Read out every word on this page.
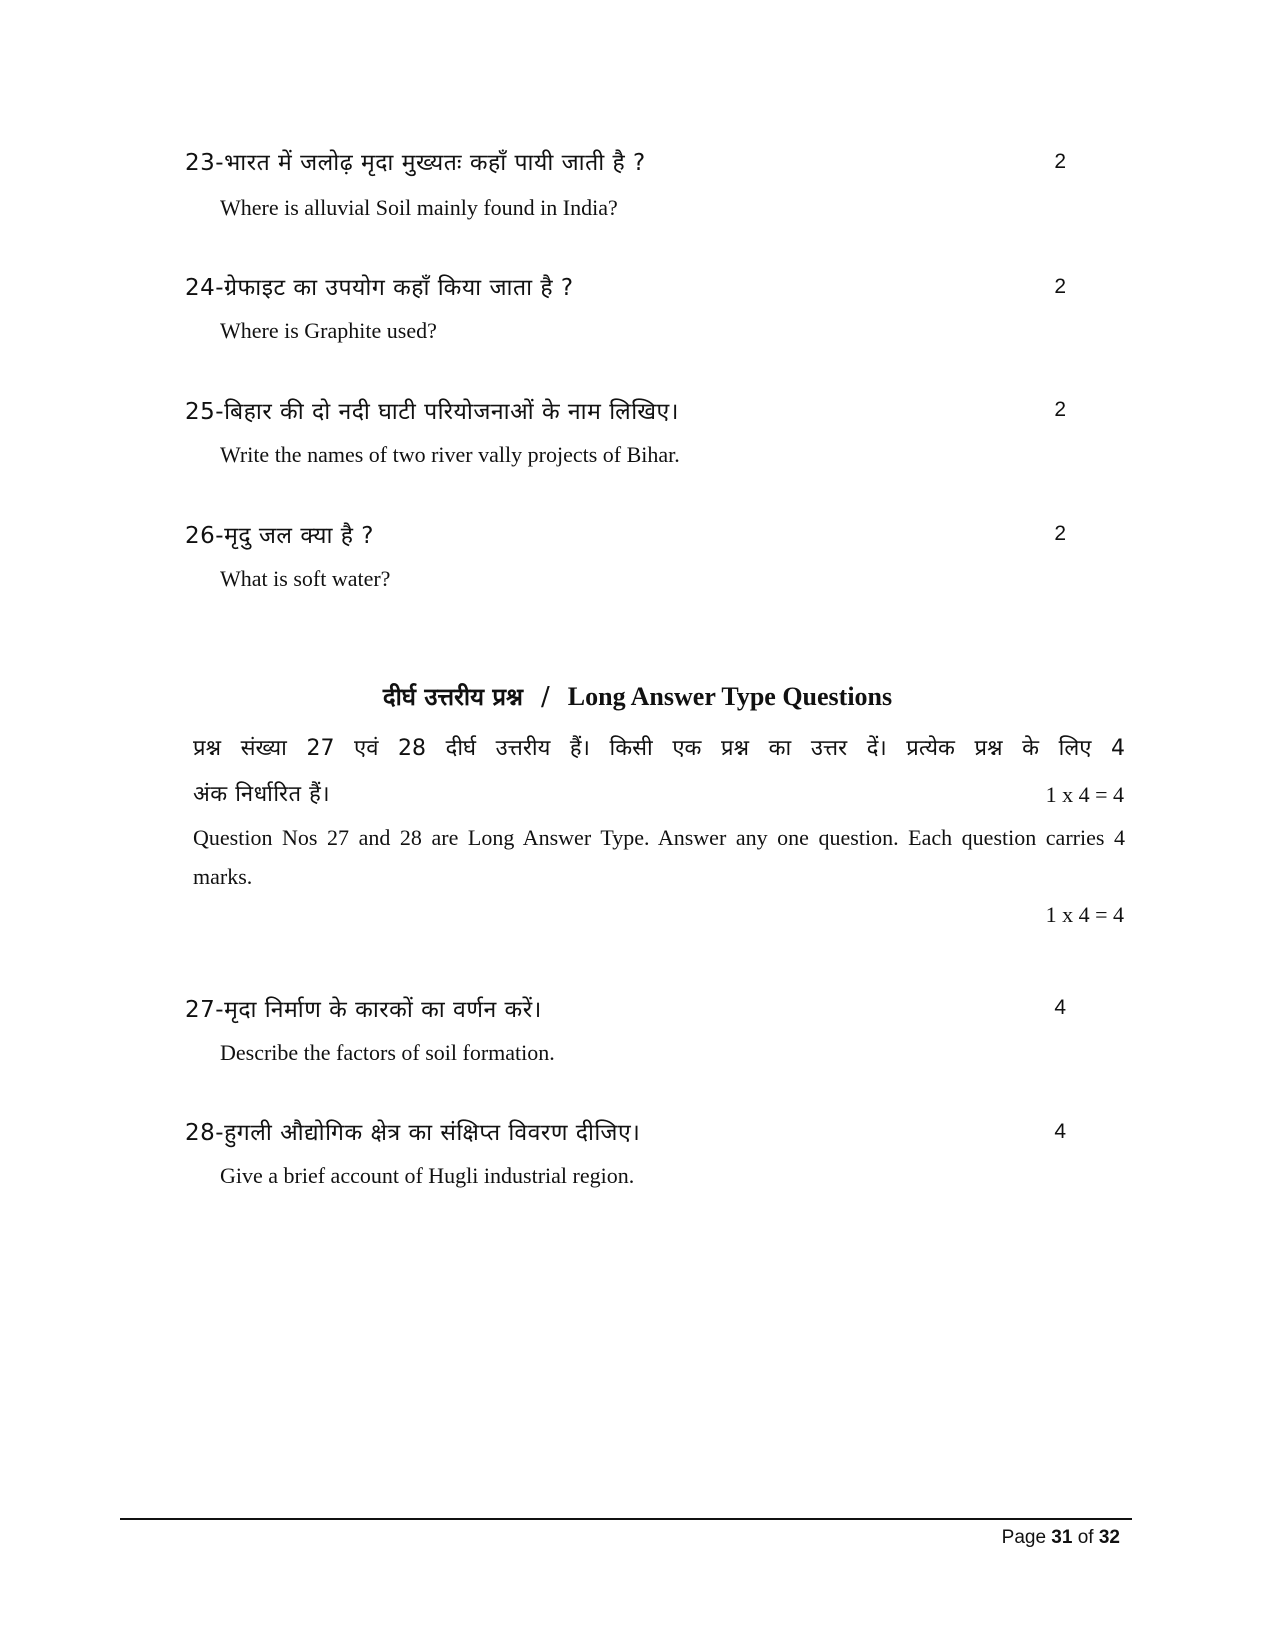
23-भारत में जलोढ़ मृदा मुख्यतः कहाँ पायी जाती है ?	2
Where is alluvial Soil mainly found in India?
24-ग्रेफाइट का उपयोग कहाँ किया जाता है ?	2
Where is Graphite used?
25-बिहार की दो नदी घाटी परियोजनाओं के नाम लिखिए।	2
Write the names of two river vally projects of Bihar.
26-मृदु जल क्या है ?	2
What is soft water?
दीर्घ उत्तरीय प्रश्न / Long Answer Type Questions
प्रश्न संख्या 27 एवं 28 दीर्घ उत्तरीय हैं। किसी एक प्रश्न का उत्तर दें। प्रत्येक प्रश्न के लिए 4
अंक निर्धारित हैं।	1 x 4 = 4
Question Nos 27 and 28 are Long Answer Type. Answer any one question. Each question carries 4
marks.
1 x 4 = 4
27-मृदा निर्माण के कारकों का वर्णन करें।	4
Describe the factors of soil formation.
28-हुगली औद्योगिक क्षेत्र का संक्षिप्त विवरण दीजिए।	4
Give a brief account of Hugli industrial region.
Page 31 of 32
